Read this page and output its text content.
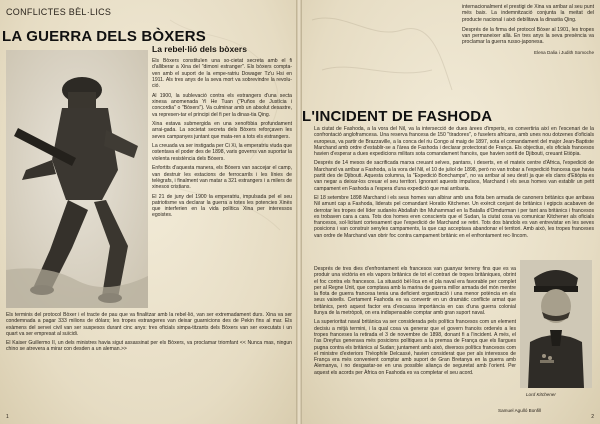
CONFLICTES BÈL·LICS
LA GUERRA DELS BÒXERS
La rebel·lió dels bòxers

Els Bòxers constituïen una so-cietat secreta amb el fi d'alliberar a Xina del "dimoni estranger". Els bòxers compta-ven amb el suport de la empe-ratriu Dowager Tz'u Hsi en 1911. Als tres anys de la seva mort va sobrevindre la revolu-ció.

Al 1900, la sublevació contra els estrangers d'una secta xinesa anomenada Yi He Tuan ("Puños de Justícia i concordia" o "Bòxers"). Va culminar amb un absolut desastre, va represen-tar el principi del fi per la dinas-tia Qing.

Xina estava submergida en una xenofòbia profundament arrai-gada. La societat secreta dels Bòxers reforçaven les seves campanyes juntant que mata-ren a tots els estrangers.

La creuada va ser instigada per Ci Xi, la emperatriu viuda que ostentava el poder des de 1898, varis governs van suportar la violenta resistència dels Bòxers.

Enfortits d'aquesta manera, els Bòxers van saccejar el camp, van destruir les estacions de ferrocarrils i les línies de telègrafs, i finalment van matar a 321 estrangers i a milers de xinesos cristians.

El 21 de juny del 1900 la emperatriu, impulsada pel el seu patriotisme va declarar la guerra a totes les potencies Xinès que interferien en la vida política Xina per interessos egoistes.

Els terminis del protocol Bòxer i el tracte de pau que va finalitzar amb la rebel·lió, van ser extremadament durs. Xina va ser condemnada a pagar 333 milions de dòlars; les tropes estrangeres van deixar guarnicions des de Pekin fins al mar. Els exàmens del servei civil van ser suspesos durant cinc anys: tres oficials simpa-titzants dels Bòxers van ser executats i un quart va ser empresat al suïcidi.

El Kaiser Guillermo II, un dels ministres havia sigut assassinat per els Bòxers, va proclamar triomfant << Nunca mas, ningun chino se atrevera a mirar con desden a un aleman.>>

1

internacionalment el prestigi de Xina va arribar al seu punt més baix. La indemnització conjunta la meitat del producte nacional i això debilitava la dinastia Qing.

Després de la firma del protocol Bòxer al 1901, les tropes van permaneixer allà. En tres anys la seva presència va proclamar la guerra russo-japonesa.

Elena Dalia i Judith Somoche
L'INCIDENT DE FASHODA

La ciutat de Fashoda, a la vora del Nil, va la intersecció de dues àrees d'imperis, es convertiria així en l'escenari de la confrontació angloframcesa. Una reserva francesa de 150 "tiradores", o fuselers africans, amb unes nou dotzenes d'oficials europeus, va partir de Brazzaville, a la conca del riu Congo al maig de 1897, sota el comandament del major Jean-Baptiste Marchand amb ordre d'establir-se a l'àrea de Fashoda i declarar protectorat de França. Els objectius, els oficials francesos havien d'esperar a dues expedicions militars sota comandament francès, que havien sortit de Djibouti, creuant Etiòpia.

Després de 14 mesos de sacrificada marxa creuant selves, pantans, i deserts, en el mateix centre d'Àfrica, l'expedició de Marchand va arribar a Fashoda, a la vora del Nil, el 10 de juliol de 1898, però no van trobar a l'expedició francesa que havia partit des de Djibouti. Aquesta columna, la "Expedició Bonchamps", no va arribar al seu destí ja que els clans d'Etiòpia es van negar a deixar-los creuar el seu territori. Ignorant aquests impulsos, Marchand i els seus homes van establir un petit campament en Fashoda a l'espera d'una expedició que mai arribaria.

El 18 setembre 1898 Marchand i els seus homes van albirar amb una flota ben armada de canoners britànics que arribava Nil amunt cap a Fashoda, liderats pel comandant Horatio Kitchener. Un exèrcit conjunt de britànics i egipcis acabaven de derrotar les tropes del líder sudanès Abdallah ibn Muhammad en la Batalla d'Omdurman i per tant ara britànics i francesos es trobaven cara a cara. Tots dos homes eren conscients que el Sudan, la ciutat cosa va comunicar Kitchener als oficials francesos, sol·licitant cortesament que l'expedició de Marchand se retiri. Tots dos bàndols es van entrevistar en les seves posicions i van construir senyles campaments, la que cap acceptava abandonar el territori. Amb això, les tropes franceses van ordre de Marchand van obrir foc contra campament britànic en el enfrontament rec·líncom.

Després de tres dies d'enfrontament els francesos van guanyar terreny fins que es va produir una victòria en els vapors britànics de tot el contrari de tropes britàniques, obrint el foc contra els francesos. La situació bèl·lica en el pla naval era favorable per complet per al Regne Unit, que comptava amb la marina de guerra millor armada del món mentre la flota de guerra francesa tenia una deficient organització i una menor potència en els seus vaixells. Certament Fashoda es va convertir en un dramàtic conflicte armat que britànics, però aquest factor era d'escassa importància en cas d'una guerra colonial llunya de la metròpoli, on era indispensable comptar amb gran suport naval.

La superioritat naval britànica va ser considerada pels polítics francesos com un element decisiu a mitjà termini, i la qual cosa va generar que el govern francès ordenés a les tropes franceses la retirada el 3 de novembre de 1898, donant fi a l'incident. A més, el l'as Dreyfus generava més posicions polítiques a la premsa de França que els llargues pugna contra els britànics al Sudan; juntament amb això, diversos polítics francesos com el ministre d'exteriors Théophile Delcassé, havien considerat que per als interessos de França era més convenient comptar amb suport de Gran Bretanya en la guerra amb Alemanya, i no desgastar-se en una possible aliança de seguretat amb l'orient. Per aquest els acords per Àfrica on Fashoda es va completar el seu acord.

Lord Kitchener
Samuel Agulló Bonfill
2
